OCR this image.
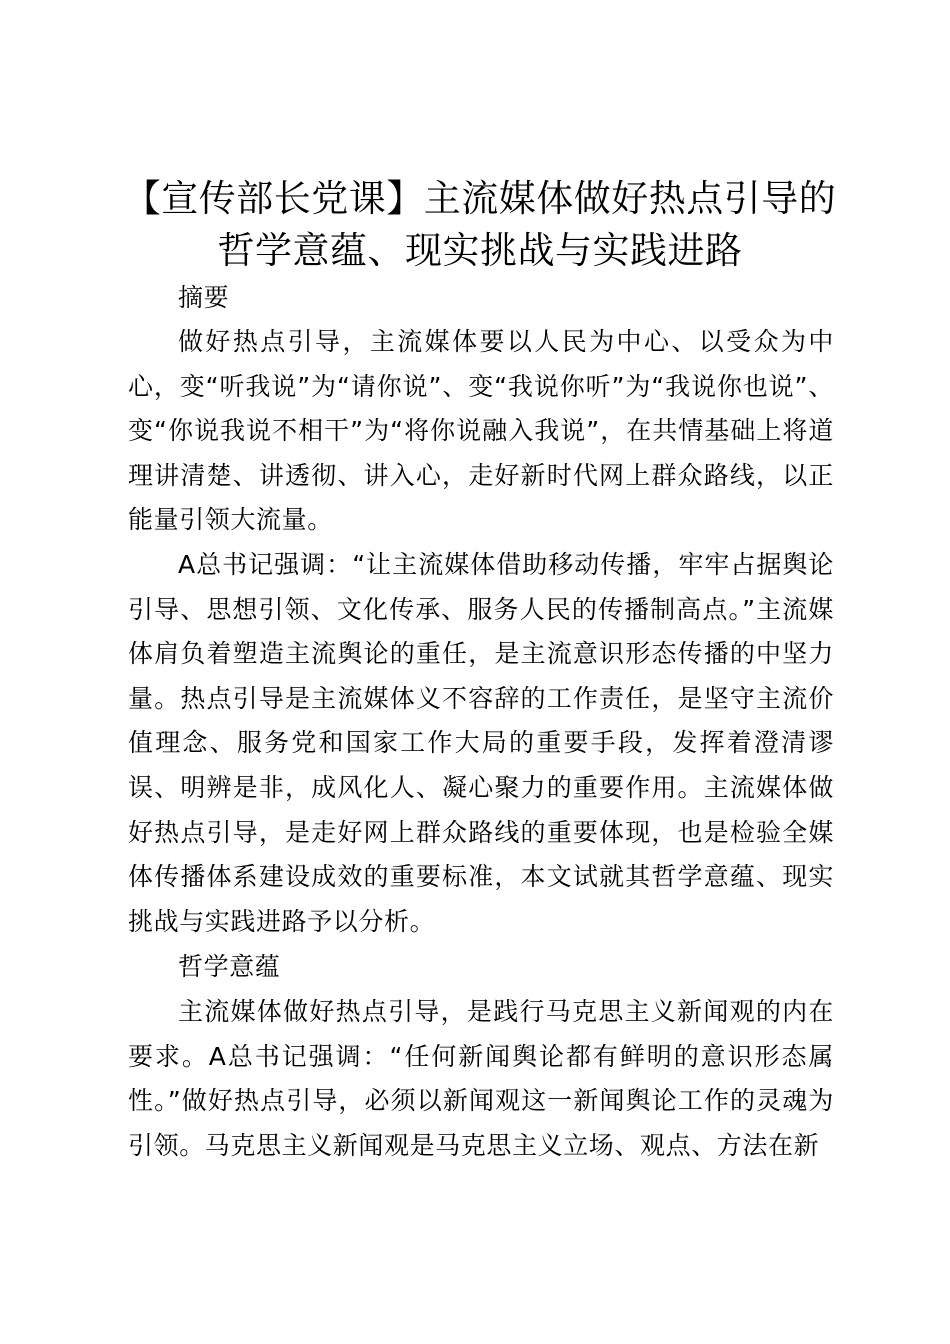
【宣传部长党课】主流媒体做好热点引导的哲学意蕴、现实挑战与实践进路

摘要

做好热点引导，主流媒体要以人民为中心、以受众为中心，变“听我说”为“请你说”、变“我说你听”为“我说你也说”、变“你说我说不相干”为“将你说融入我说”，在共情基础上将道理讲清楚、讲透彻、讲入心，走好新时代网上群众路线，以正能量引领大流量。

A总书记强调：“让主流媒体借助移动传播，牢牢占据舆论引导、思想引领、文化传承、服务人民的传播制高点。”主流媒体肩负着塑造主流舆论的重任，是主流意识形态传播的中坚力量。热点引导是主流媒体义不容辞的工作责任，是坚守主流价值理念、服务党和国家工作大局的重要手段，发挥着澄清谬误、明辨是非，成风化人、凝心聚力的重要作用。主流媒体做好热点引导，是走好网上群众路线的重要体现，也是检验全媒体传播体系建设成效的重要标准，本文试就其哲学意蕴、现实挑战与实践进路予以分析。

哲学意蕴

主流媒体做好热点引导，是践行马克思主义新闻观的内在要求。A总书记强调：“任何新闻舆论都有鲜明的意识形态属性。”做好热点引导，必须以新闻观这一新闻舆论工作的灵魂为引领。马克思主义新闻观是马克思主义立场、观点、方法在新
